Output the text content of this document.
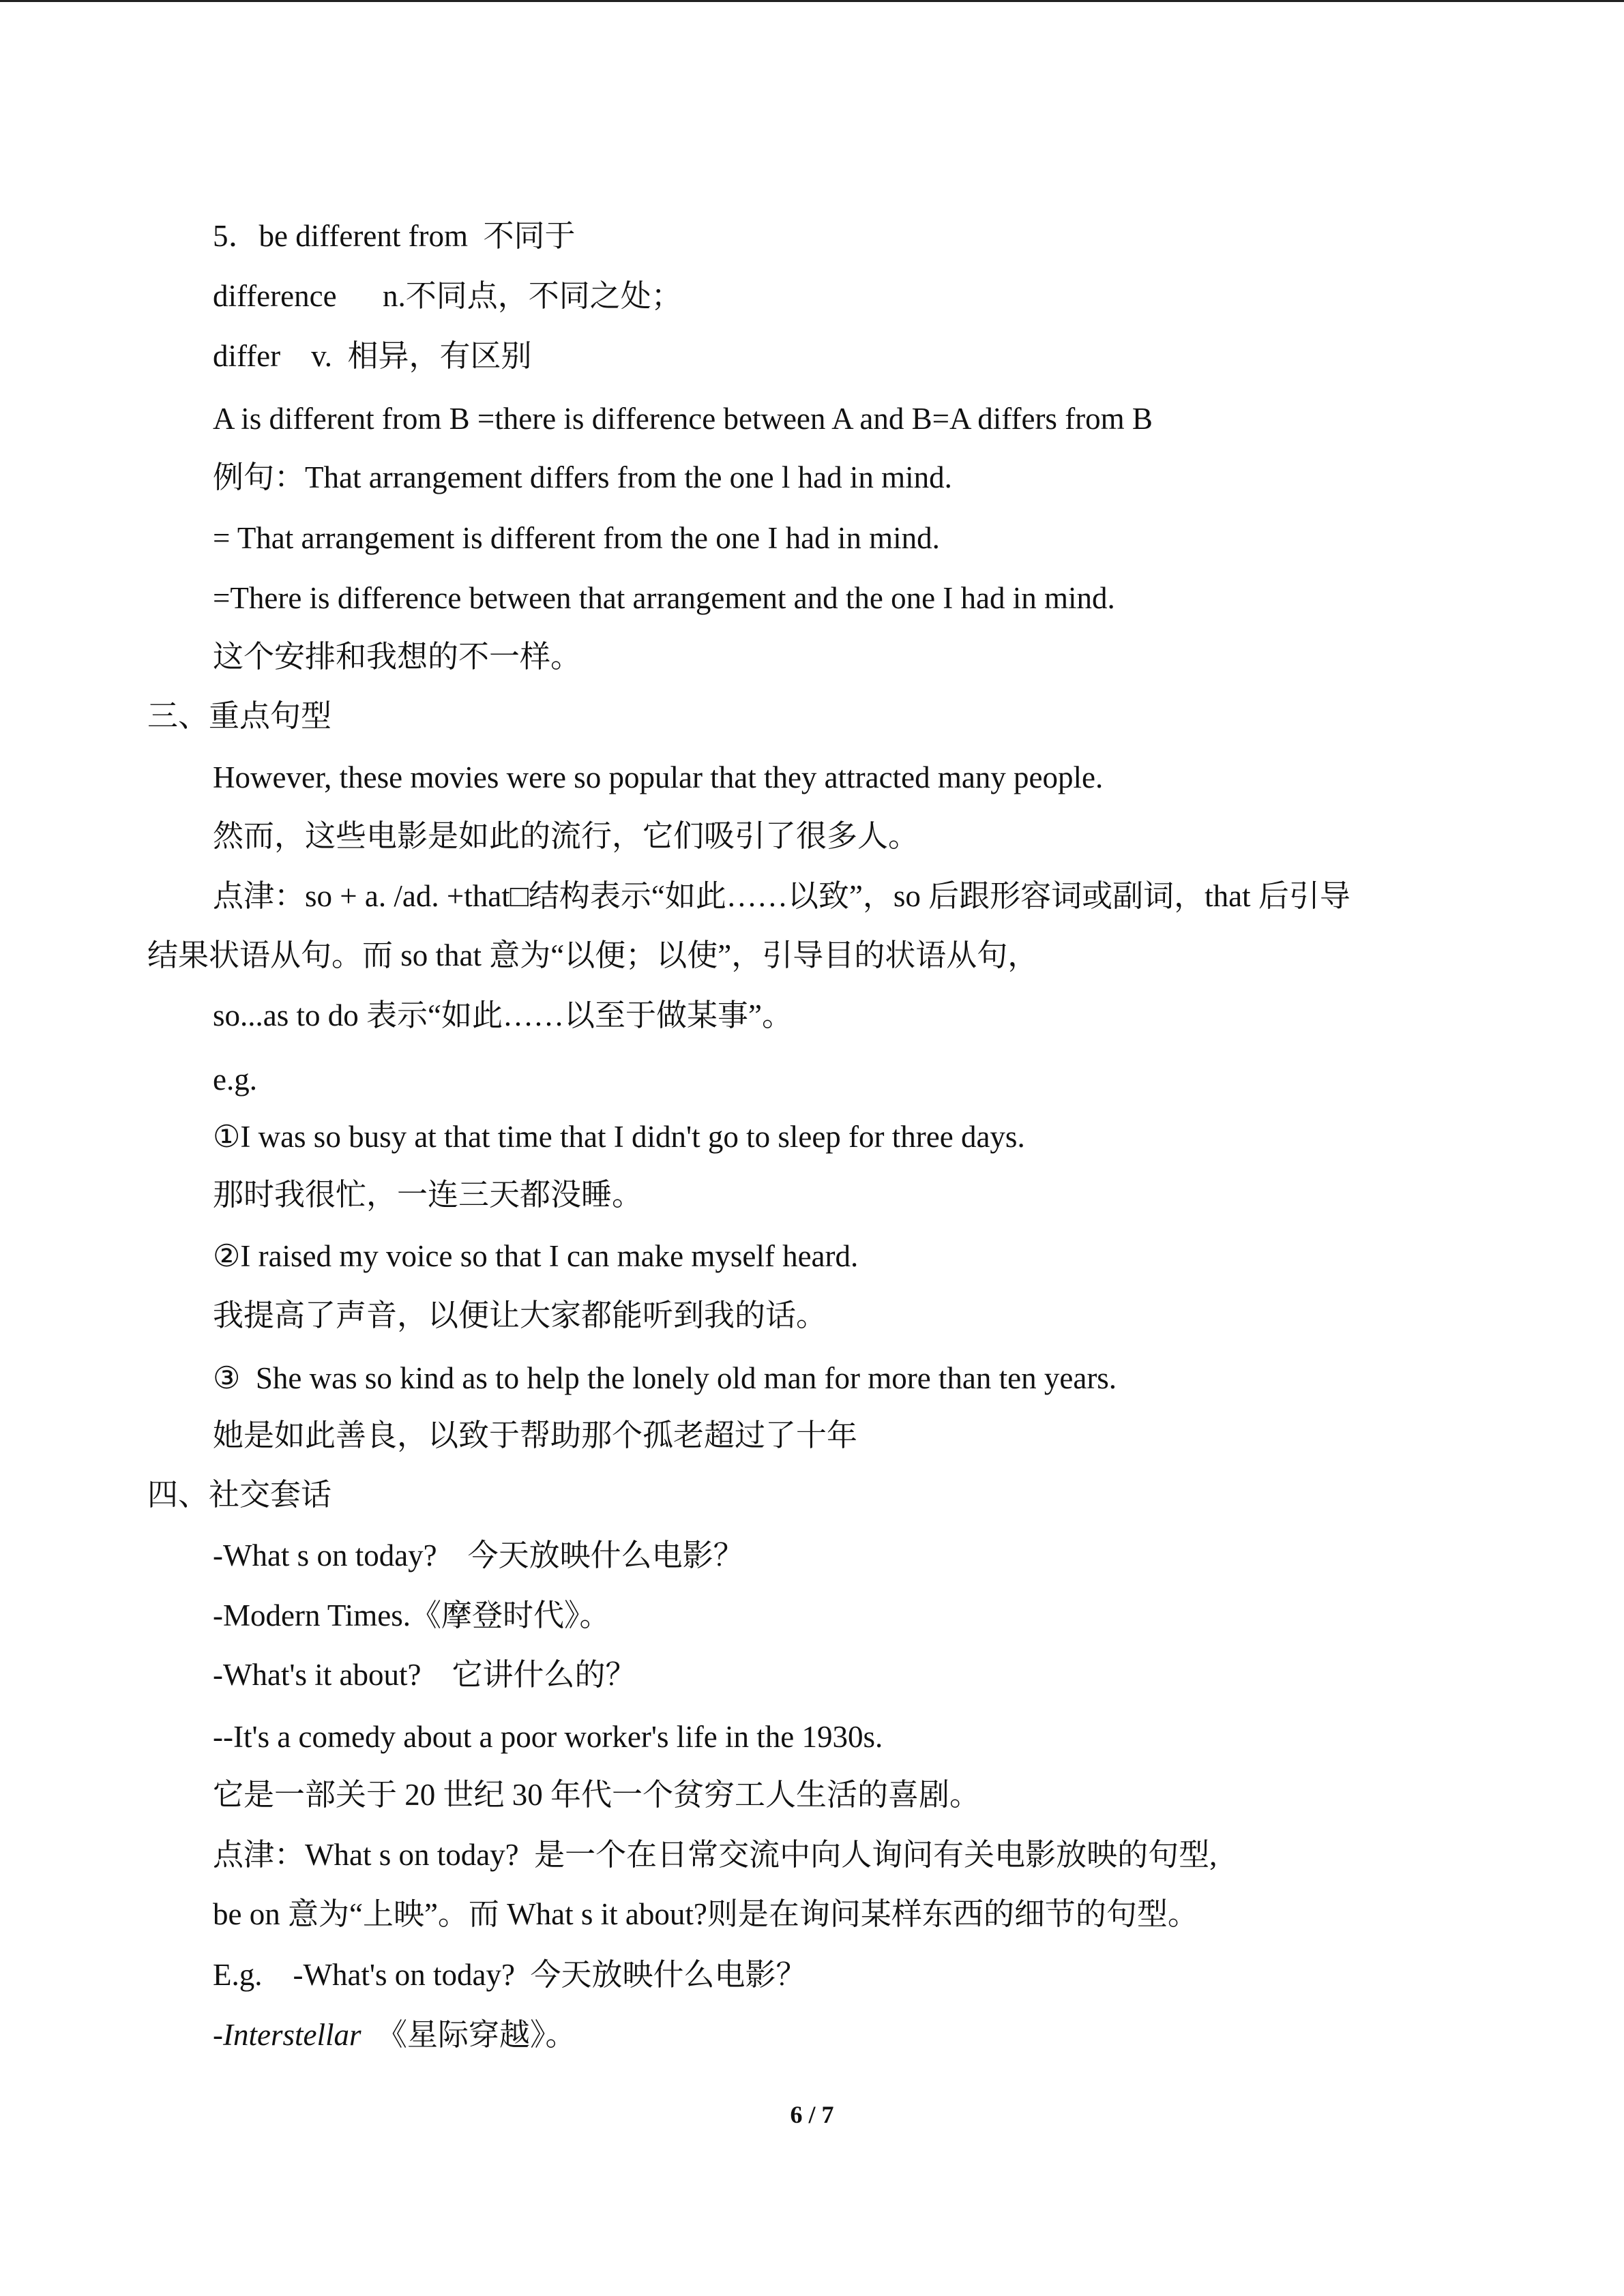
5．be different from  不同于
difference      n.不同点，不同之处；
differ    v.  相异，有区别
A is different from B =there is difference between A and B=A differs from B
例句：That arrangement differs from the one l had in mind.
= That arrangement is different from the one I had in mind.
=There is difference between that arrangement and the one I had in mind.
这个安排和我想的不一样。
三、重点句型
However, these movies were so popular that they attracted many people.
然而，这些电影是如此的流行，它们吸引了很多人。
点津：so + a. /ad. +that□结构表示“如此……以致”，so 后跟形容词或副词，that 后引导
结果状语从句。而 so that 意为“以便；以使”，引导目的状语从句，
so...as to do 表示“如此……以至于做某事”。
e.g.
①I was so busy at that time that I didn't go to sleep for three days.
那时我很忙，一连三天都没睡。
②I raised my voice so that I can make myself heard.
我提高了声音，以便让大家都能听到我的话。
③  She was so kind as to help the lonely old man for more than ten years.
她是如此善良，以致于帮助那个孤老超过了十年
四、社交套话
-What s on today?    今天放映什么电影？
-Modern Times.《摩登时代》。
-What's it about?    它讲什么的？
--It's a comedy about a poor worker's life in the 1930s.
它是一部关于 20 世纪 30 年代一个贫穷工人生活的喜剧。
点津：What s on today?  是一个在日常交流中向人询问有关电影放映的句型,
be on 意为“上映”。而 What s it about?则是在询问某样东西的细节的句型。
E.g.    -What's on today?  今天放映什么电影？
-Interstellar  《星际穿越》。
6 / 7
